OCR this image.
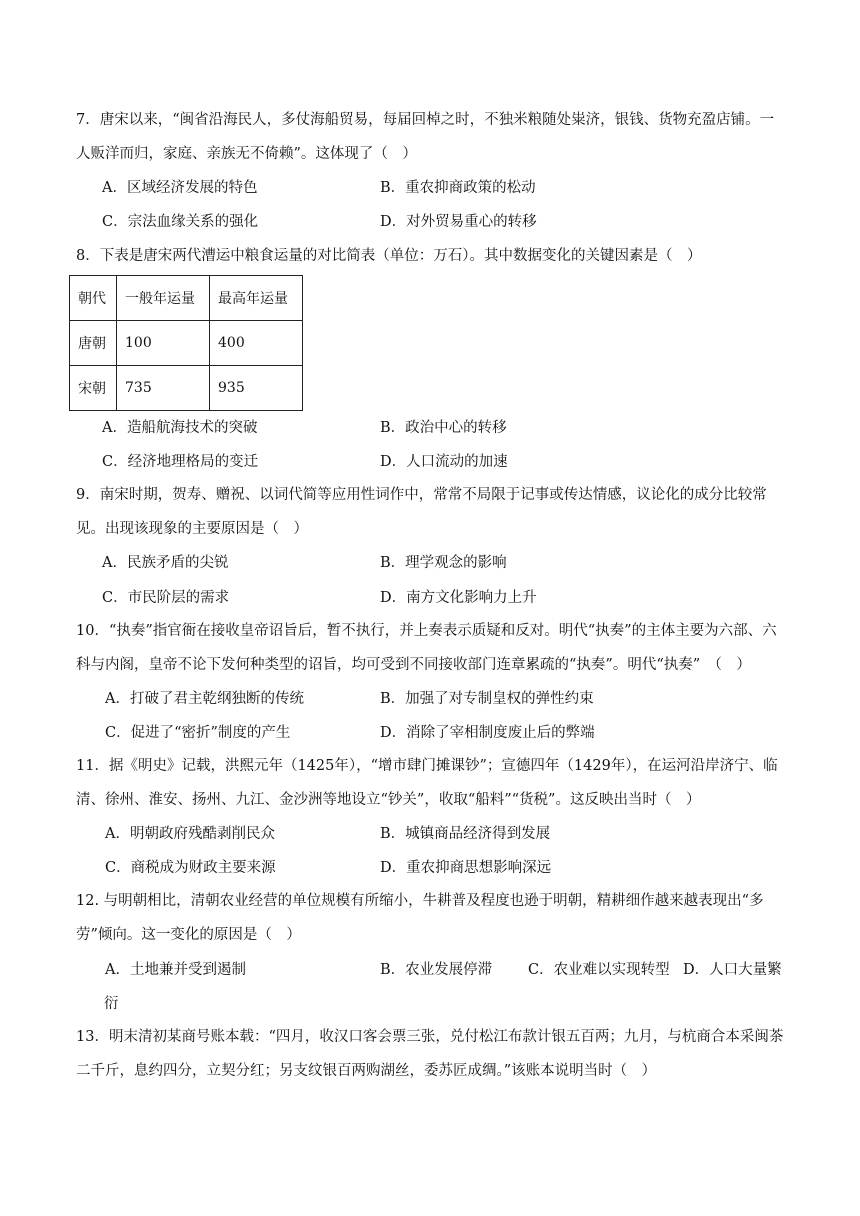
7．唐宋以来，“闽省沿海民人，多仗海船贸易，每届回棹之时，不独米粮随处粜济，银钱、货物充盈店铺。一人贩洋而归，家庭、亲族无不倚赖”。这体现了（　）
A．区域经济发展的特色	B．重农抑商政策的松动
C．宗法血缘关系的强化	D．对外贸易重心的转移
8．下表是唐宋两代漕运中粮食运量的对比简表（单位：万石）。其中数据变化的关键因素是（　）
朝代	一般年运量	最高年运量
唐朝	100	400
宋朝	735	935
A．造船航海技术的突破	B．政治中心的转移
C．经济地理格局的变迁	D．人口流动的加速
9．南宋时期，贺寿、赠祝、以词代简等应用性词作中，常常不局限于记事或传达情感，议论化的成分比较常见。出现该现象的主要原因是（　）
A．民族矛盾的尖锐	B．理学观念的影响
C．市民阶层的需求	D．南方文化影响力上升
10．“执奏”指官衙在接收皇帝诏旨后，暂不执行，并上奏表示质疑和反对。明代“执奏”的主体主要为六部、六科与内阁，皇帝不论下发何种类型的诏旨，均可受到不同接收部门连章累疏的“执奏”。明代“执奏”　（　）
A．打破了君主乾纲独断的传统	B．加强了对专制皇权的弹性约束
C．促进了“密折”制度的产生	D．消除了宰相制度废止后的弊端
11．据《明史》记载，洪熙元年（1425年），“增市肆门摊课钞”；宣德四年（1429年），在运河沿岸济宁、临清、徐州、淮安、扬州、九江、金沙洲等地设立“钞关”，收取“船料”“货税”。这反映出当时（　）
A．明朝政府残酷剥削民众	B．城镇商品经济得到发展
C．商税成为财政主要来源	D．重农抑商思想影响深远
12. 与明朝相比，清朝农业经营的单位规模有所缩小，牛耕普及程度也逊于明朝，精耕细作越来越表现出“多劳”倾向。这一变化的原因是（　）
A．土地兼并受到遏制	B．农业发展停滞 C．农业难以实现转型 D．人口大量繁
衍
13．明末清初某商号账本载：“四月，收汉口客会票三张，兑付松江布款计银五百两；九月，与杭商合本采闽茶二千斤，息约四分，立契分红；另支纹银百两购湖丝，委苏匠成绸。”该账本说明当时（　）
